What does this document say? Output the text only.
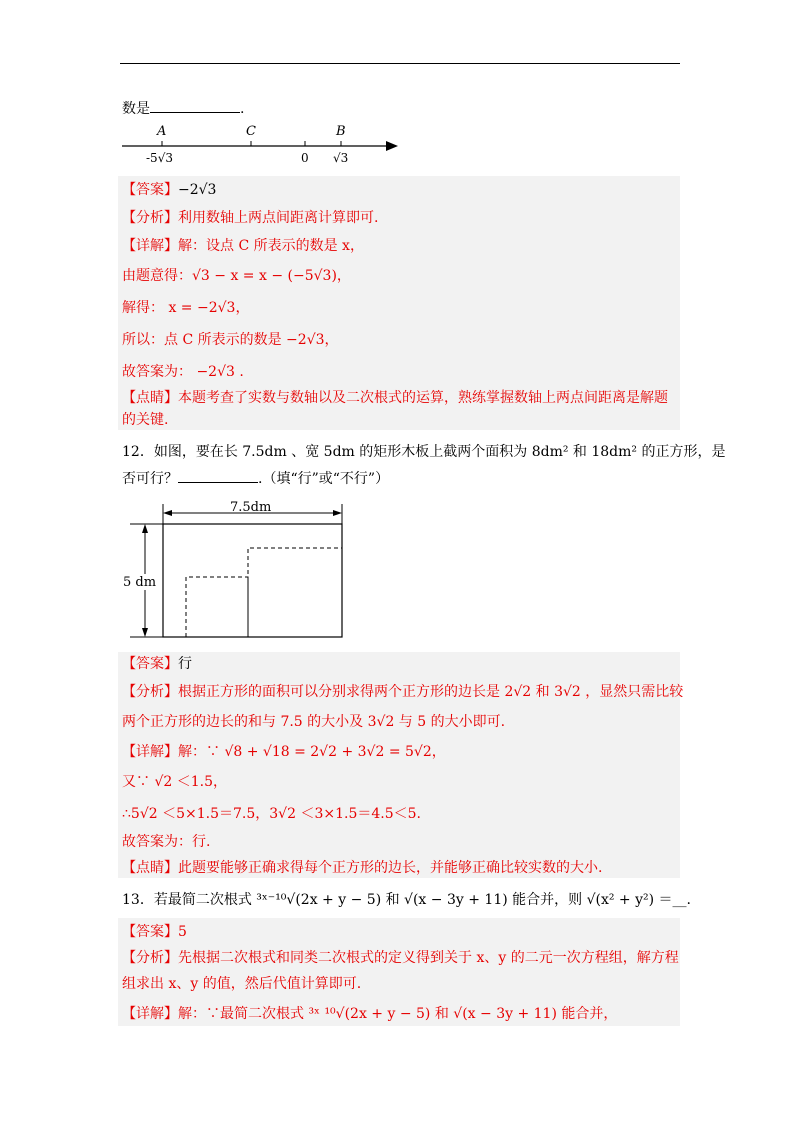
数是	.
A	C	B
-5√3	0 √3
【答案】−2√3
【分析】利用数轴上两点间距离计算即可.
【详解】解：设点 C 所表示的数是 x，
由题意得：√3 − x = x − (−5√3)，
解得： x = −2√3，
所以：点 C 所表示的数是 −2√3，
故答案为： −2√3 .
【点睛】本题考查了实数与数轴以及二次根式的运算，熟练掌握数轴上两点间距离是解题
的关键.
12．如图，要在长 7.5dm 、宽 5dm 的矩形木板上截两个面积为 8dm² 和 18dm² 的正方形，是
否可行？	.（填“行”或“不行”）
7.5dm
5 dm
【答案】行
【分析】根据正方形的面积可以分别求得两个正方形的边长是 2√2 和 3√2 ，显然只需比较
两个正方形的边长的和与 7.5 的大小及 3√2 与 5 的大小即可.
【详解】解：∵ √8 + √18 = 2√2 + 3√2 = 5√2，
又∵ √2 ＜1.5，
∴5√2 ＜5×1.5＝7.5，3√2 ＜3×1.5＝4.5＜5.
故答案为：行.
【点睛】此题要能够正确求得每个正方形的边长，并能够正确比较实数的大小.
13．若最简二次根式 ³ˣ⁻¹⁰√(2x + y − 5) 和 √(x − 3y + 11) 能合并，则 √(x² + y²) ＝__.
【答案】5
【分析】先根据二次根式和同类二次根式的定义得到关于 x、y 的二元一次方程组，解方程
组求出 x、y 的值，然后代值计算即可.
【详解】解：∵最简二次根式 ³ˣ ¹⁰√(2x + y − 5) 和 √(x − 3y + 11) 能合并，
